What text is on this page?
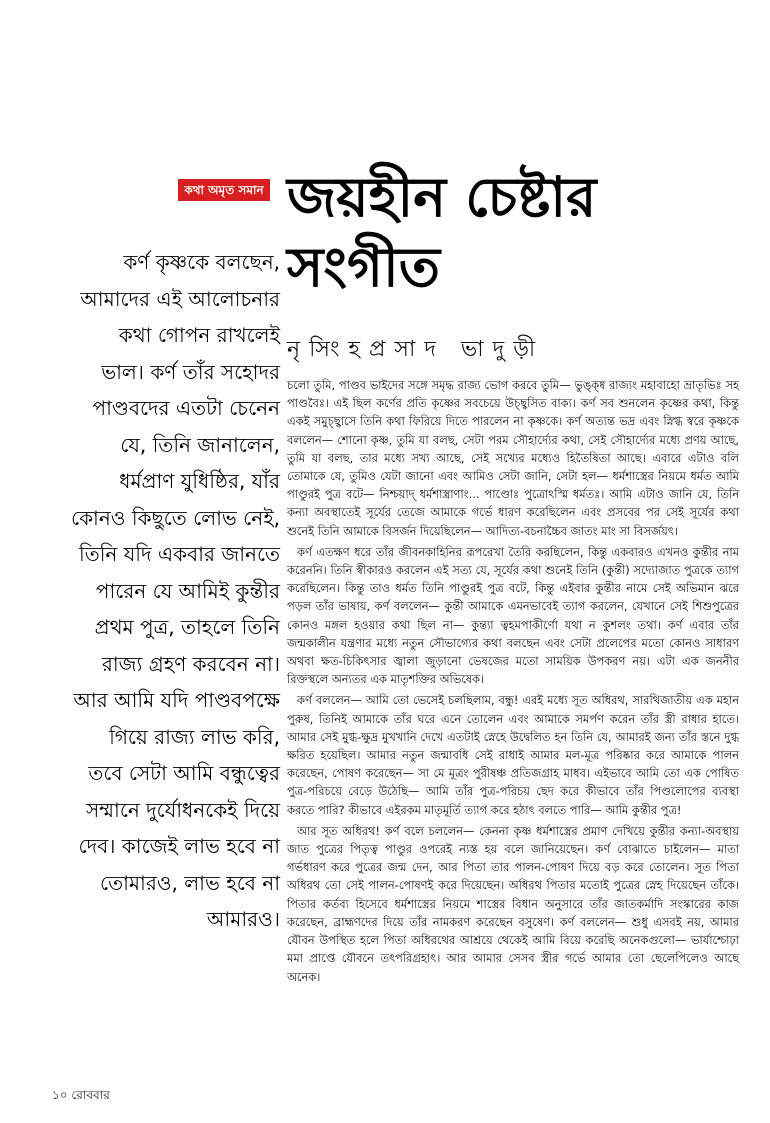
কথা অমৃত সমান জয়হীন চেষ্টার সংগীত
নৃসিংহপ্রসাদ ভাদুড়ী

কর্ণ কৃষ্ণকে বলছেন, আমাদের এই আলোচনার কথা গোপন রাখলেই ভাল। কর্ণ তাঁর সহোদর পাণ্ডবদের এতটা চেনেন যে, তিনি জানালেন, ধর্মপ্রাণ যুধিষ্ঠির, যাঁর কোনও কিছুতে লোভ নেই, তিনি যদি একবার জানতে পারেন যে আমিই কুন্তীর প্রথম পুত্র, তাহলে তিনি রাজ্য গ্রহণ করবেন না। আর আমি যদি পাণ্ডবপক্ষে গিয়ে রাজ্য লাভ করি, তবে সেটা আমি বন্ধুত্বের সম্মানে দুর্যোধনকেই দিয়ে দেব। কাজেই লাভ হবে না তোমারও, লাভ হবে না আমারও।

চলো তুমি, পাণ্ডব ভাইদের সঙ্গে সমৃদ্ধ রাজ্য ভোগ করবে তুমি— ভুঙ্ক্ষ্ব রাজ্যং মহাবাহো ভ্রাতৃভিঃ সহ পাণ্ডবৈঃ। এই ছিল কর্ণের প্রতি কৃষ্ণের সবচেয়ে উচ্ছ্বসিত বাক্য। কর্ণ সব শুনলেন কৃষ্ণের কথা, কিন্তু একই সমুচ্ছ্বাসে তিনি কথা ফিরিয়ে দিতে পারলেন না কৃষ্ণকে। কর্ণ অত্যন্ত ভদ্র এবং স্নিগ্ধ স্বরে কৃষ্ণকে বললেন— শোনো কৃষ্ণ, তুমি যা বলছ, সেটা পরম সৌহার্দ্যের কথা, সেই সৌহার্দ্যের মধ্যে প্রণয় আছে, তুমি যা বলছ, তার মধ্যে সখ্য আছে, সেই সখ্যের মধ্যেও হিতৈষিতা আছে। এবারে এটাও বলি তোমাকে যে, তুমিও যেটা জানো এবং আমিও সেটা জানি, সেটা হল— ধর্মশাস্ত্রের নিয়মে ধর্মত আমি পাণ্ডুরই পুত্র বটে— নিশ্চয়াদ্ ধর্মশাস্ত্রাণাং... পাণ্ডোঃ পুত্রোঽস্মি ধর্মতঃ। আমি এটাও জানি যে, তিনি কন্যা অবস্থাতেই সূর্যের তেজে আমাকে গর্ভে ধারণ করেছিলেন এবং প্রসবের পর সেই সূর্যের কথা শুনেই তিনি আমাকে বিসর্জন দিয়েছিলেন— আদিত্য-বচনাচ্চৈব জাতং মাং সা বিসর্জয়ৎ।

কর্ণ এতক্ষণ ধরে তাঁর জীবনকাহিনির রূপরেখা তৈরি করছিলেন, কিন্তু একবারও এখনও কুন্তীর নাম করেননি। তিনি স্বীকারও করলেন এই সত্য যে, সূর্যের কথা শুনেই তিনি (কুন্তী) সদ্যোজাত পুত্রকে ত্যাগ করেছিলেন। কিন্তু তাও ধর্মত তিনি পাণ্ডুরই পুত্র বটে, কিন্তু এইবার কুন্তীর নামে সেই অভিমান ঝরে পড়ল তাঁর ভাষায়, কর্ণ বললেন— কুন্তী আমাকে এমনভাবেই ত্যাগ করলেন, যেখানে সেই শিশুপুত্রের কোনও মঙ্গল হওয়ার কথা ছিল না— কুন্ত্যা ত্বহমপাকীর্ণো যথা ন কুশলং তথা। কর্ণ এবার তাঁর জন্মকালীন যন্ত্রণার মধ্যে নতুন সৌভাগ্যের কথা বলছেন এবং সেটা প্রলেপের মতো কোনও সাধারণ অথবা ক্ষত-চিকিৎসার জ্বালা জুড়ানো ভেষজের মতো সাময়িক উপকরণ নয়। এটা এক জননীর রিক্তস্থলে অন্যতর এক মাতৃশক্তির অভিষেক।

কর্ণ বললেন— আমি তো ভেসেই চলছিলাম, বন্ধু! এরই মধ্যে সূত অধিরথ, সারথিজাতীয় এক মহান পুরুষ, তিনিই আমাকে তাঁর ঘরে এনে তোলেন এবং আমাকে সমর্পণ করেন তাঁর স্ত্রী রাধার হাতে। আমার সেই মুগ্ধ-ক্ষুদ্র মুখখানি দেখে এতটাই স্নেহে উদ্বেলিত হন তিনি যে, আমারই জন্য তাঁর স্তনে দুগ্ধ ক্ষরিত হয়েছিল। আমার নতুন জন্মাবধি সেই রাধাই আমার মল-মূত্র পরিষ্কার করে আমাকে পালন করেছেন, পোষণ করেছেন— সা মে মূত্রং পুরীষঞ্চ প্রতিজগ্রাহ মাধব। এইভাবে আমি তো এক পোষিত পুত্র-পরিচয়ে বেড়ে উঠেছি— আমি তাঁর পুত্র-পরিচয় ছেদ করে কীভাবে তাঁর পিণ্ডলোপের ব্যবস্থা করতে পারি? কীভাবে এইরকম মাতৃমূর্তি ত্যাগ করে হঠাৎ বলতে পারি— আমি কুন্তীর পুত্র!

আর সূত অধিরথ! কর্ণ বলে চললেন— কেননা কৃষ্ণ ধর্মশাস্ত্রের প্রমাণ দেখিয়ে কুন্তীর কন্যা-অবস্থায় জাত পুত্রের পিতৃত্ব পাণ্ডুর ওপরেই ন্যস্ত হয় বলে জানিয়েছেন। কর্ণ বোঝাতে চাইলেন— মাতা গর্ভধারণ করে পুত্রের জন্ম দেন, আর পিতা তার পালন-পোষণ দিয়ে বড় করে তোলেন। সূত পিতা অধিরথ তো সেই পালন-পোষণই করে দিয়েছেন। অধিরথ পিতার মতোই পুত্রের স্নেহ দিয়েছেন তাঁকে। পিতার কর্তব্য হিসেবে ধর্মশাস্ত্রের নিয়মে শাস্ত্রের বিধান অনুসারে তাঁর জাতকর্মাদি সংস্কারের কাজ করেছেন, ব্রাহ্মণদের দিয়ে তাঁর নামকরণ করেছেন বসুষেণ। কর্ণ বললেন— শুধু এসবই নয়, আমার যৌবন উপস্থিত হলে পিতা অধিরথের আশ্রয়ে থেকেই আমি বিয়ে করেছি অনেকগুলো— ভার্যাশ্চোঢ়া মমা প্রাপ্তে যৌবনে তৎপরিগ্রহাৎ। আর আমার সেসব স্ত্রীর গর্ভে আমার তো ছেলেপিলেও আছে অনেক।

১০ রোববার
